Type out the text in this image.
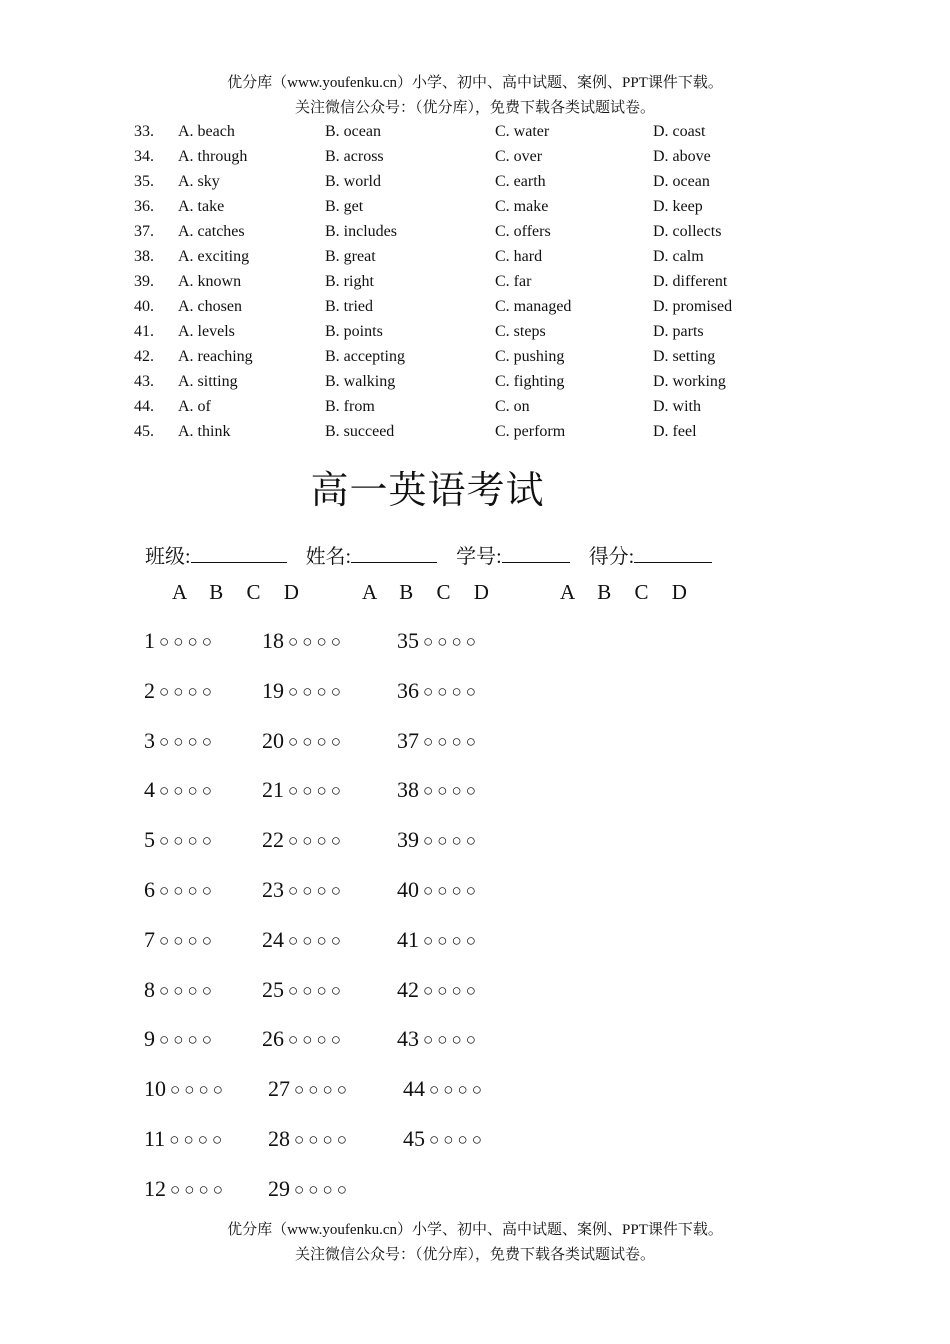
优分库（www.youfenku.cn）小学、初中、高中试题、案例、PPT课件下载。
关注微信公众号：（优分库），免费下载各类试题试卷。
33. A. beach	B. ocean	C. water	D. coast
34. A. through	B. across	C. over	D. above
35. A. sky	B. world	C. earth	D. ocean
36. A. take	B. get	C. make	D. keep
37. A. catches	B. includes	C. offers	D. collects
38. A. exciting	B. great	C. hard	D. calm
39. A. known	B. right	C. far	D. different
40. A. chosen	B. tried	C. managed	D. promised
41. A. levels	B. points	C. steps	D. parts
42. A. reaching	B. accepting	C. pushing	D. setting
43. A. sitting	B. walking	C. fighting	D. working
44. A. of	B. from	C. on	D. with
45. A. think	B. succeed	C. perform	D. feel
高一英语考试
班级:	姓名:	学号:	得分:
A B C D	A B C D	A B C D
1 ○○○○ 18 ○○○○ 35 ○○○○
2 ○○○○ 19 ○○○○ 36 ○○○○
3 ○○○○ 20 ○○○○ 37 ○○○○
4 ○○○○ 21 ○○○○ 38 ○○○○
5 ○○○○ 22 ○○○○ 39 ○○○○
6 ○○○○ 23 ○○○○ 40 ○○○○
7 ○○○○ 24 ○○○○ 41 ○○○○
8 ○○○○ 25 ○○○○ 42 ○○○○
9 ○○○○ 26 ○○○○ 43 ○○○○
10 ○○○○ 27 ○○○○ 44 ○○○○
11 ○○○○ 28 ○○○○ 45 ○○○○
12 ○○○○ 29 ○○○○
优分库（www.youfenku.cn）小学、初中、高中试题、案例、PPT课件下载。
关注微信公众号：（优分库），免费下载各类试题试卷。
